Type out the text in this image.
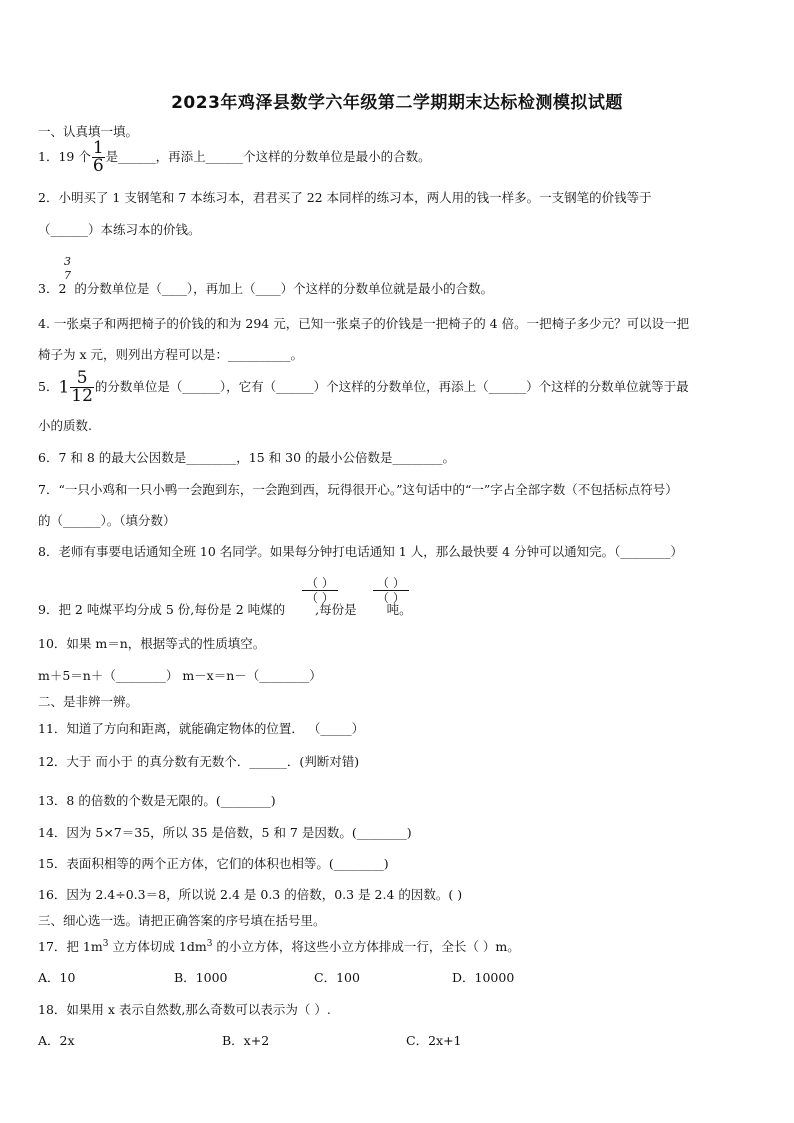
2023年鸡泽县数学六年级第二学期期末达标检测模拟试题
一、认真填一填。
1．19 个 $\frac{1}{6}$ 是______，再添上______个这样的分数单位是最小的合数。
2．小明买了 1 支钢笔和 7 本练习本，君君买了 22 本同样的练习本，两人用的钱一样多。一支钢笔的价钱等于
（______）本练习本的价钱。
3
7
3．2 的分数单位是（____），再加上（____）个这样的分数单位就是最小的合数。
4. 一张桌子和两把椅子的价钱的和为 294 元，已知一张桌子的价钱是一把椅子的 4 倍。一把椅子多少元？可以设一把
椅子为 x 元，则列出方程可以是：__________。
5．$1 \frac{5}{12}$ 的分数单位是（______），它有（______）个这样的分数单位，再添上（______）个这样的分数单位就等于最
小的质数.
6．7 和 8 的最大公因数是________，15 和 30 的最小公倍数是________。
7．“一只小鸡和一只小鸭一会跑到东，一会跑到西，玩得很开心。”这句话中的“一”字占全部字数（不包括标点符号）
的（______）。（填分数）
8．老师有事要电话通知全班 10 名同学。如果每分钟打电话通知 1 人，那么最快要 4 分钟可以通知完。（________）
（ ）
（ ）
（ ）
（ ）
9．把 2 吨煤平均分成 5 份,每份是 2 吨煤的 ,每份是 吨。
10．如果 m＝n，根据等式的性质填空。
m＋5＝n＋（________） m－x＝n－（________）
二、是非辨一辨。
11．知道了方向和距离，就能确定物体的位置． （_____）
12．大于 而小于 的真分数有无数个．______．(判断对错)
13．8 的倍数的个数是无限的。(________)
14．因为 5×7＝35，所以 35 是倍数，5 和 7 是因数。(________)
15．表面积相等的两个正方体，它们的体积也相等。(________)
16．因为 2.4÷0.3＝8，所以说 2.4 是 0.3 的倍数，0.3 是 2.4 的因数。( )
三、细心选一选。请把正确答案的序号填在括号里。
17．把 $1m^3$ 立方体切成 $1dm^3$ 的小立方体，将这些小立方体排成一行，全长（ ）m。
A．10	B．1000	C．100	D．10000
18．如果用 x 表示自然数,那么奇数可以表示为（ ）.
A．2x	B．x+2	C．2x+1
